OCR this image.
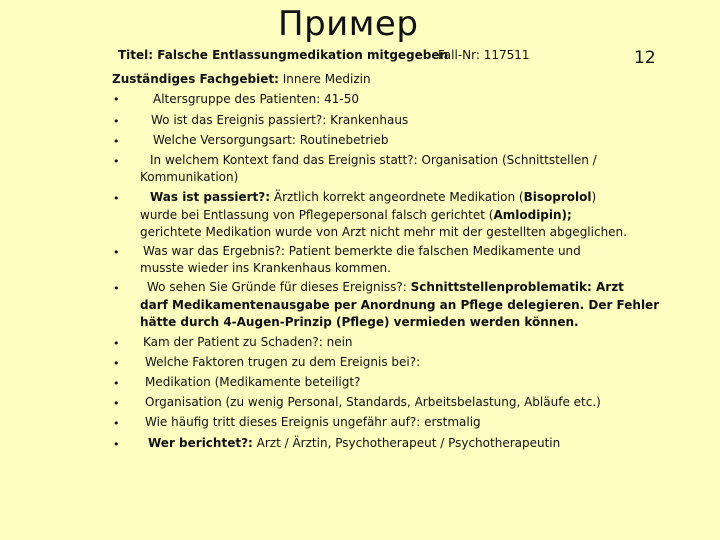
Пример
12
Titel: Falsche Entlassungmedikation mitgegeben
Fall-Nr: 117511
Zuständiges Fachgebiet: Innere Medizin
•
•
•
•
•
•
•
•
•
•
•
•
•
Altersgruppe des Patienten: 41-50
Wo ist das Ereignis passiert?: Krankenhaus
Welche Versorgungsart: Routinebetrieb
In welchem Kontext fand das Ereignis statt?: Organisation (Schnittstellen /
Kommunikation)
Was ist passiert?: Ärztlich korrekt angeordnete Medikation (Bisoprolol)
wurde bei Entlassung von Pflegepersonal falsch gerichtet (Amlodipin);
gerichtete Medikation wurde von Arzt nicht mehr mit der gestellten abgeglichen.
Was war das Ergebnis?: Patient bemerkte die falschen Medikamente und
musste wieder ins Krankenhaus kommen.
Wo sehen Sie Gründe für dieses Ereigniss?: Schnittstellenproblematik: Arzt
darf Medikamentenausgabe per Anordnung an Pflege delegieren. Der Fehler
hätte durch 4-Augen-Prinzip (Pflege) vermieden werden können.
Kam der Patient zu Schaden?: nein
Welche Faktoren trugen zu dem Ereignis bei?:
Medikation (Medikamente beteiligt?
Organisation (zu wenig Personal, Standards, Arbeitsbelastung, Abläufe etc.)
Wie häufig tritt dieses Ereignis ungefähr auf?: erstmalig
Wer berichtet?: Arzt / Ärztin, Psychotherapeut / Psychotherapeutin
